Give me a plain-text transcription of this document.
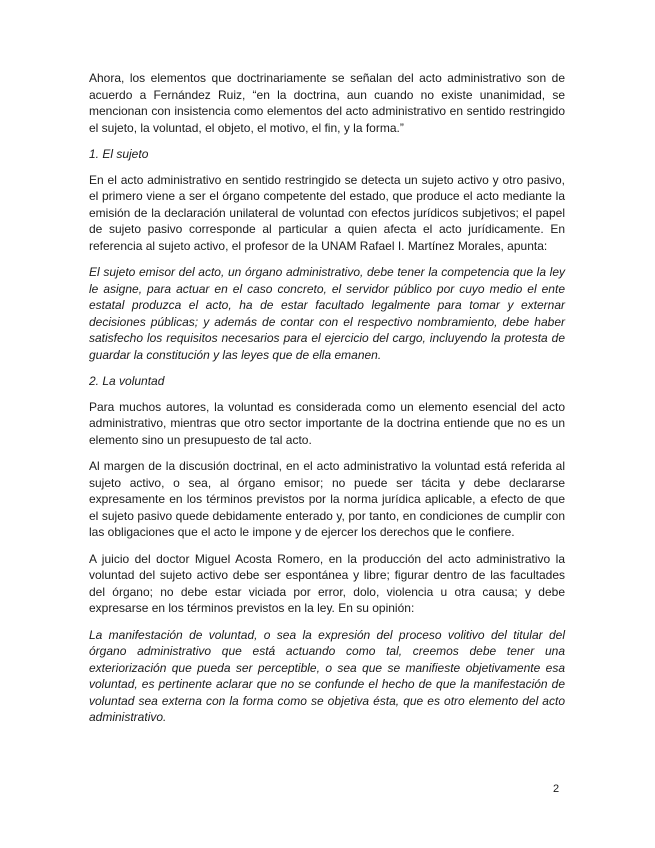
Ahora, los elementos que doctrinariamente se señalan del acto administrativo son de acuerdo a Fernández Ruiz, “en la doctrina, aun cuando no existe unanimidad, se mencionan con insistencia como elementos del acto administrativo en sentido restringido el sujeto, la voluntad, el objeto, el motivo, el fin, y la forma.”

1. El sujeto

En el acto administrativo en sentido restringido se detecta un sujeto activo y otro pasivo, el primero viene a ser el órgano competente del estado, que produce el acto mediante la emisión de la declaración unilateral de voluntad con efectos jurídicos subjetivos; el papel de sujeto pasivo corresponde al particular a quien afecta el acto jurídicamente. En referencia al sujeto activo, el profesor de la UNAM Rafael I. Martínez Morales, apunta:

El sujeto emisor del acto, un órgano administrativo, debe tener la competencia que la ley le asigne, para actuar en el caso concreto, el servidor público por cuyo medio el ente estatal produzca el acto, ha de estar facultado legalmente para tomar y externar decisiones públicas; y además de contar con el respectivo nombramiento, debe haber satisfecho los requisitos necesarios para el ejercicio del cargo, incluyendo la protesta de guardar la constitución y las leyes que de ella emanen.

2. La voluntad

Para muchos autores, la voluntad es considerada como un elemento esencial del acto administrativo, mientras que otro sector importante de la doctrina entiende que no es un elemento sino un presupuesto de tal acto.

Al margen de la discusión doctrinal, en el acto administrativo la voluntad está referida al sujeto activo, o sea, al órgano emisor; no puede ser tácita y debe declararse expresamente en los términos previstos por la norma jurídica aplicable, a efecto de que el sujeto pasivo quede debidamente enterado y, por tanto, en condiciones de cumplir con las obligaciones que el acto le impone y de ejercer los derechos que le confiere.

A juicio del doctor Miguel Acosta Romero, en la producción del acto administrativo la voluntad del sujeto activo debe ser espontánea y libre; figurar dentro de las facultades del órgano; no debe estar viciada por error, dolo, violencia u otra causa; y debe expresarse en los términos previstos en la ley. En su opinión:

La manifestación de voluntad, o sea la expresión del proceso volitivo del titular del órgano administrativo que está actuando como tal, creemos debe tener una exteriorización que pueda ser perceptible, o sea que se manifieste objetivamente esa voluntad, es pertinente aclarar que no se confunde el hecho de que la manifestación de voluntad sea externa con la forma como se objetiva ésta, que es otro elemento del acto administrativo.

2
